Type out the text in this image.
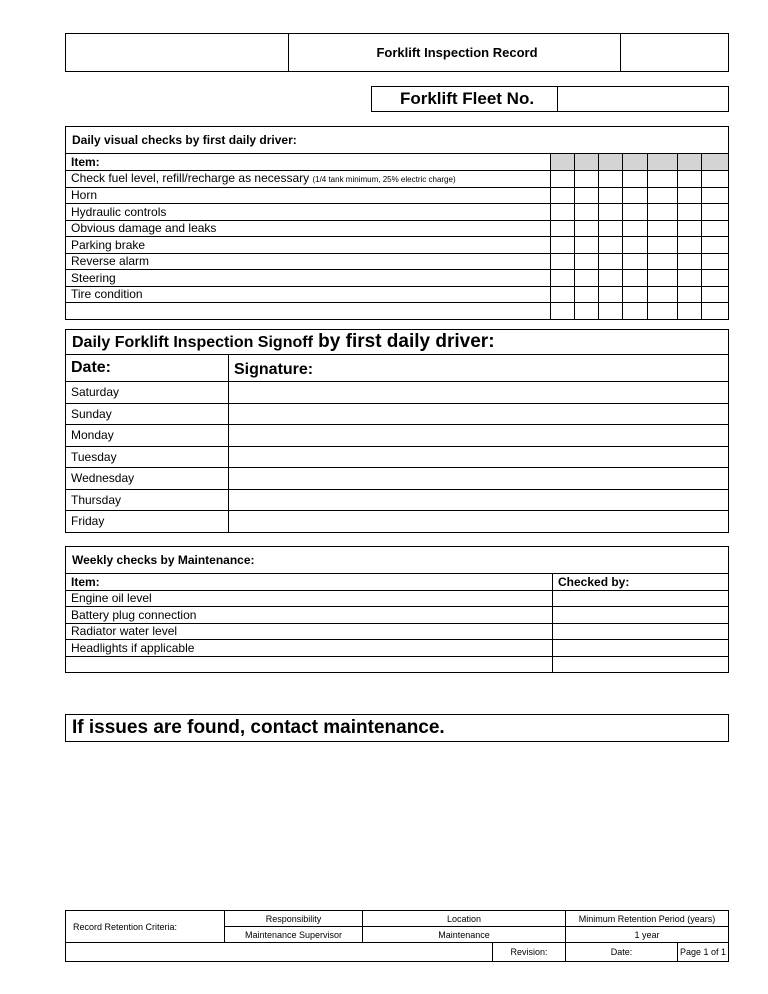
	Forklift Inspection Record	
Forklift Fleet No.	
Daily visual checks by first daily driver:							
Item:							
Check fuel level, refill/recharge as necessary (1/4 tank minimum, 25% electric charge)							
Horn							
Hydraulic controls							
Obvious damage and leaks							
Parking brake							
Reverse alarm							
Steering							
Tire condition							

Daily Forklift Inspection Signoff by first daily driver:	
Date:	Signature:
Saturday	
Sunday	
Monday	
Tuesday	
Wednesday	
Thursday	
Friday	
Weekly checks by Maintenance:	
Item:	Checked by:
Engine oil level	
Battery plug connection	
Radiator water level	
Headlights if applicable	

If issues are found, contact maintenance.
Record Retention Criteria:	Responsibility	Location		Minimum Retention Period (years)	
	Maintenance Supervisor	Maintenance		1 year	
			Revision:	Date:	Page 1 of 1
